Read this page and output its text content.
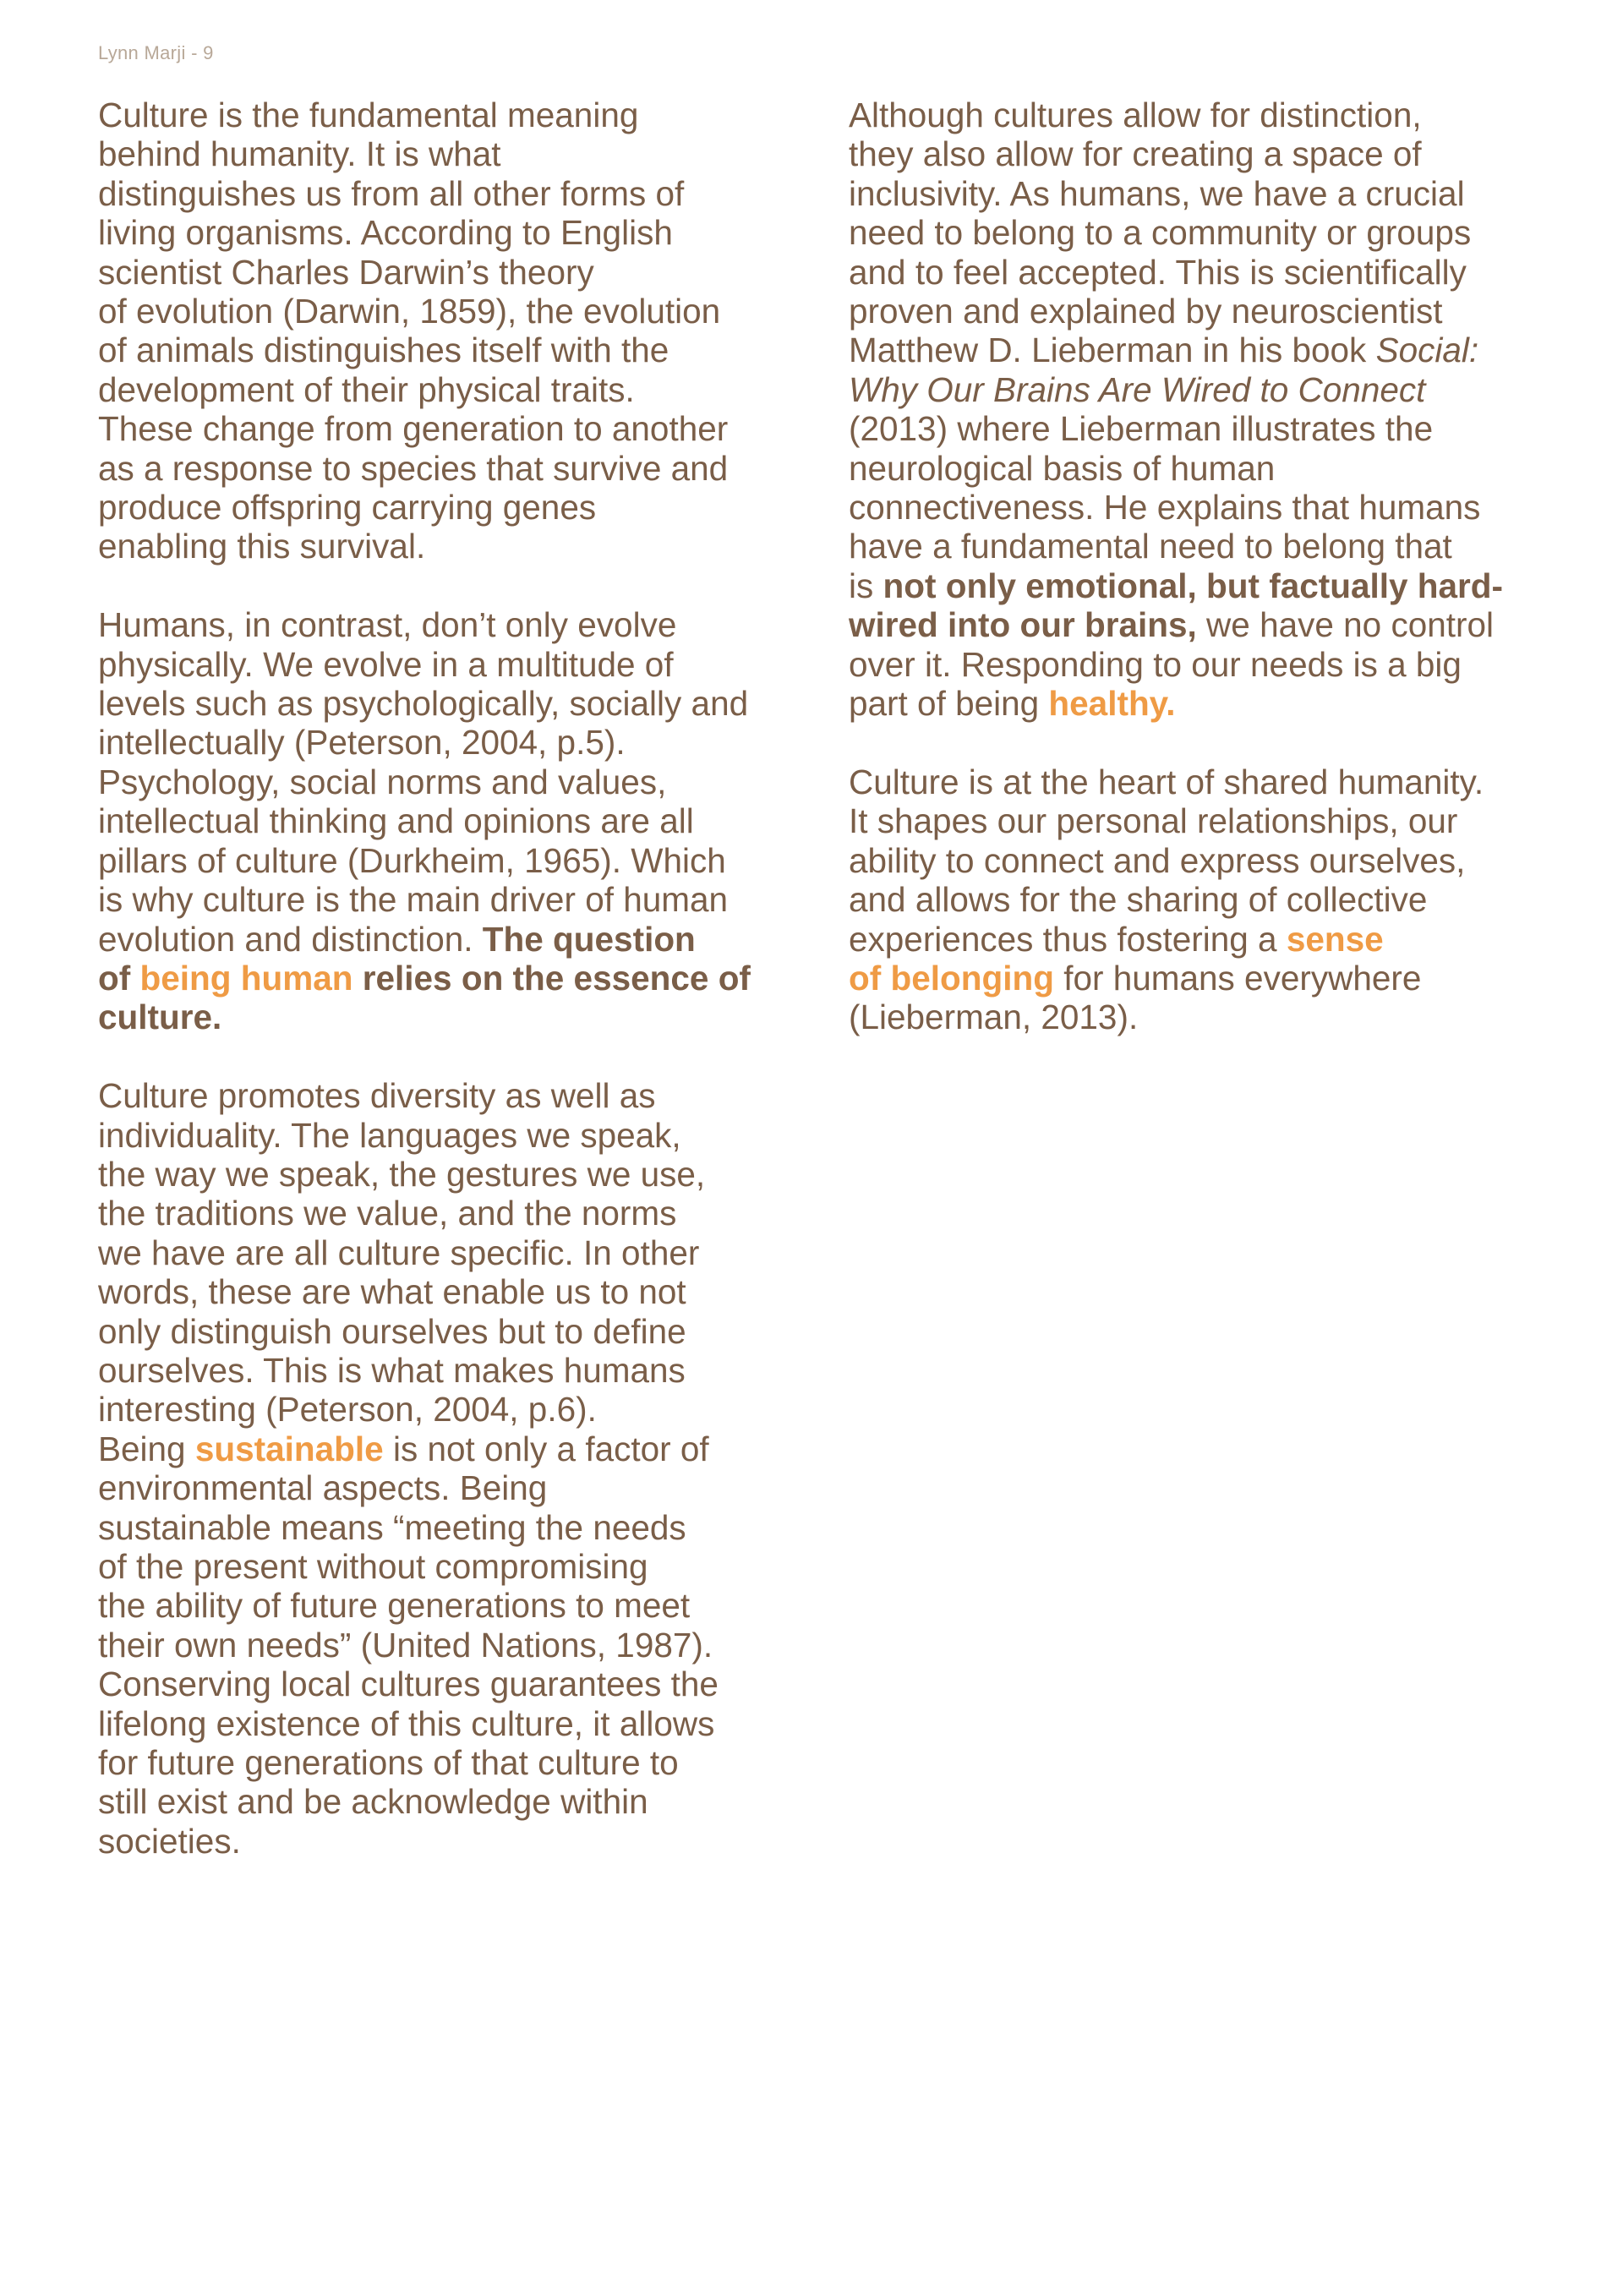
Lynn Marji - 9
Culture is the fundamental meaning
behind humanity. It is what
distinguishes us from all other forms of
living organisms. According to English
scientist Charles Darwin’s theory
of evolution (Darwin, 1859), the evolution
of animals distinguishes itself with the
development of their physical traits.
These change from generation to another
as a response to species that survive and
produce offspring carrying genes
enabling this survival.
Humans, in contrast, don’t only evolve
physically. We evolve in a multitude of
levels such as psychologically, socially and
intellectually (Peterson, 2004, p.5).
Psychology, social norms and values,
intellectual thinking and opinions are all
pillars of culture (Durkheim, 1965). Which
is why culture is the main driver of human
evolution and distinction. The question
of being human relies on the essence of
culture.
Culture promotes diversity as well as
individuality. The languages we speak,
the way we speak, the gestures we use,
the traditions we value, and the norms
we have are all culture specific. In other
words, these are what enable us to not
only distinguish ourselves but to define
ourselves. This is what makes humans
interesting (Peterson, 2004, p.6).
Being sustainable is not only a factor of
environmental aspects. Being
sustainable means “meeting the needs
of the present without compromising
the ability of future generations to meet
their own needs” (United Nations, 1987).
Conserving local cultures guarantees the
lifelong existence of this culture, it allows
for future generations of that culture to
still exist and be acknowledge within
societies.
Although cultures allow for distinction,
they also allow for creating a space of
inclusivity. As humans, we have a crucial
need to belong to a community or groups
and to feel accepted. This is scientifically
proven and explained by neuroscientist
Matthew D. Lieberman in his book Social:
Why Our Brains Are Wired to Connect
(2013) where Lieberman illustrates the
neurological basis of human
connectiveness. He explains that humans
have a fundamental need to belong that
is not only emotional, but factually hard-
wired into our brains, we have no control
over it. Responding to our needs is a big
part of being healthy.
Culture is at the heart of shared humanity.
It shapes our personal relationships, our
ability to connect and express ourselves,
and allows for the sharing of collective
experiences thus fostering a sense
of belonging for humans everywhere
(Lieberman, 2013).
